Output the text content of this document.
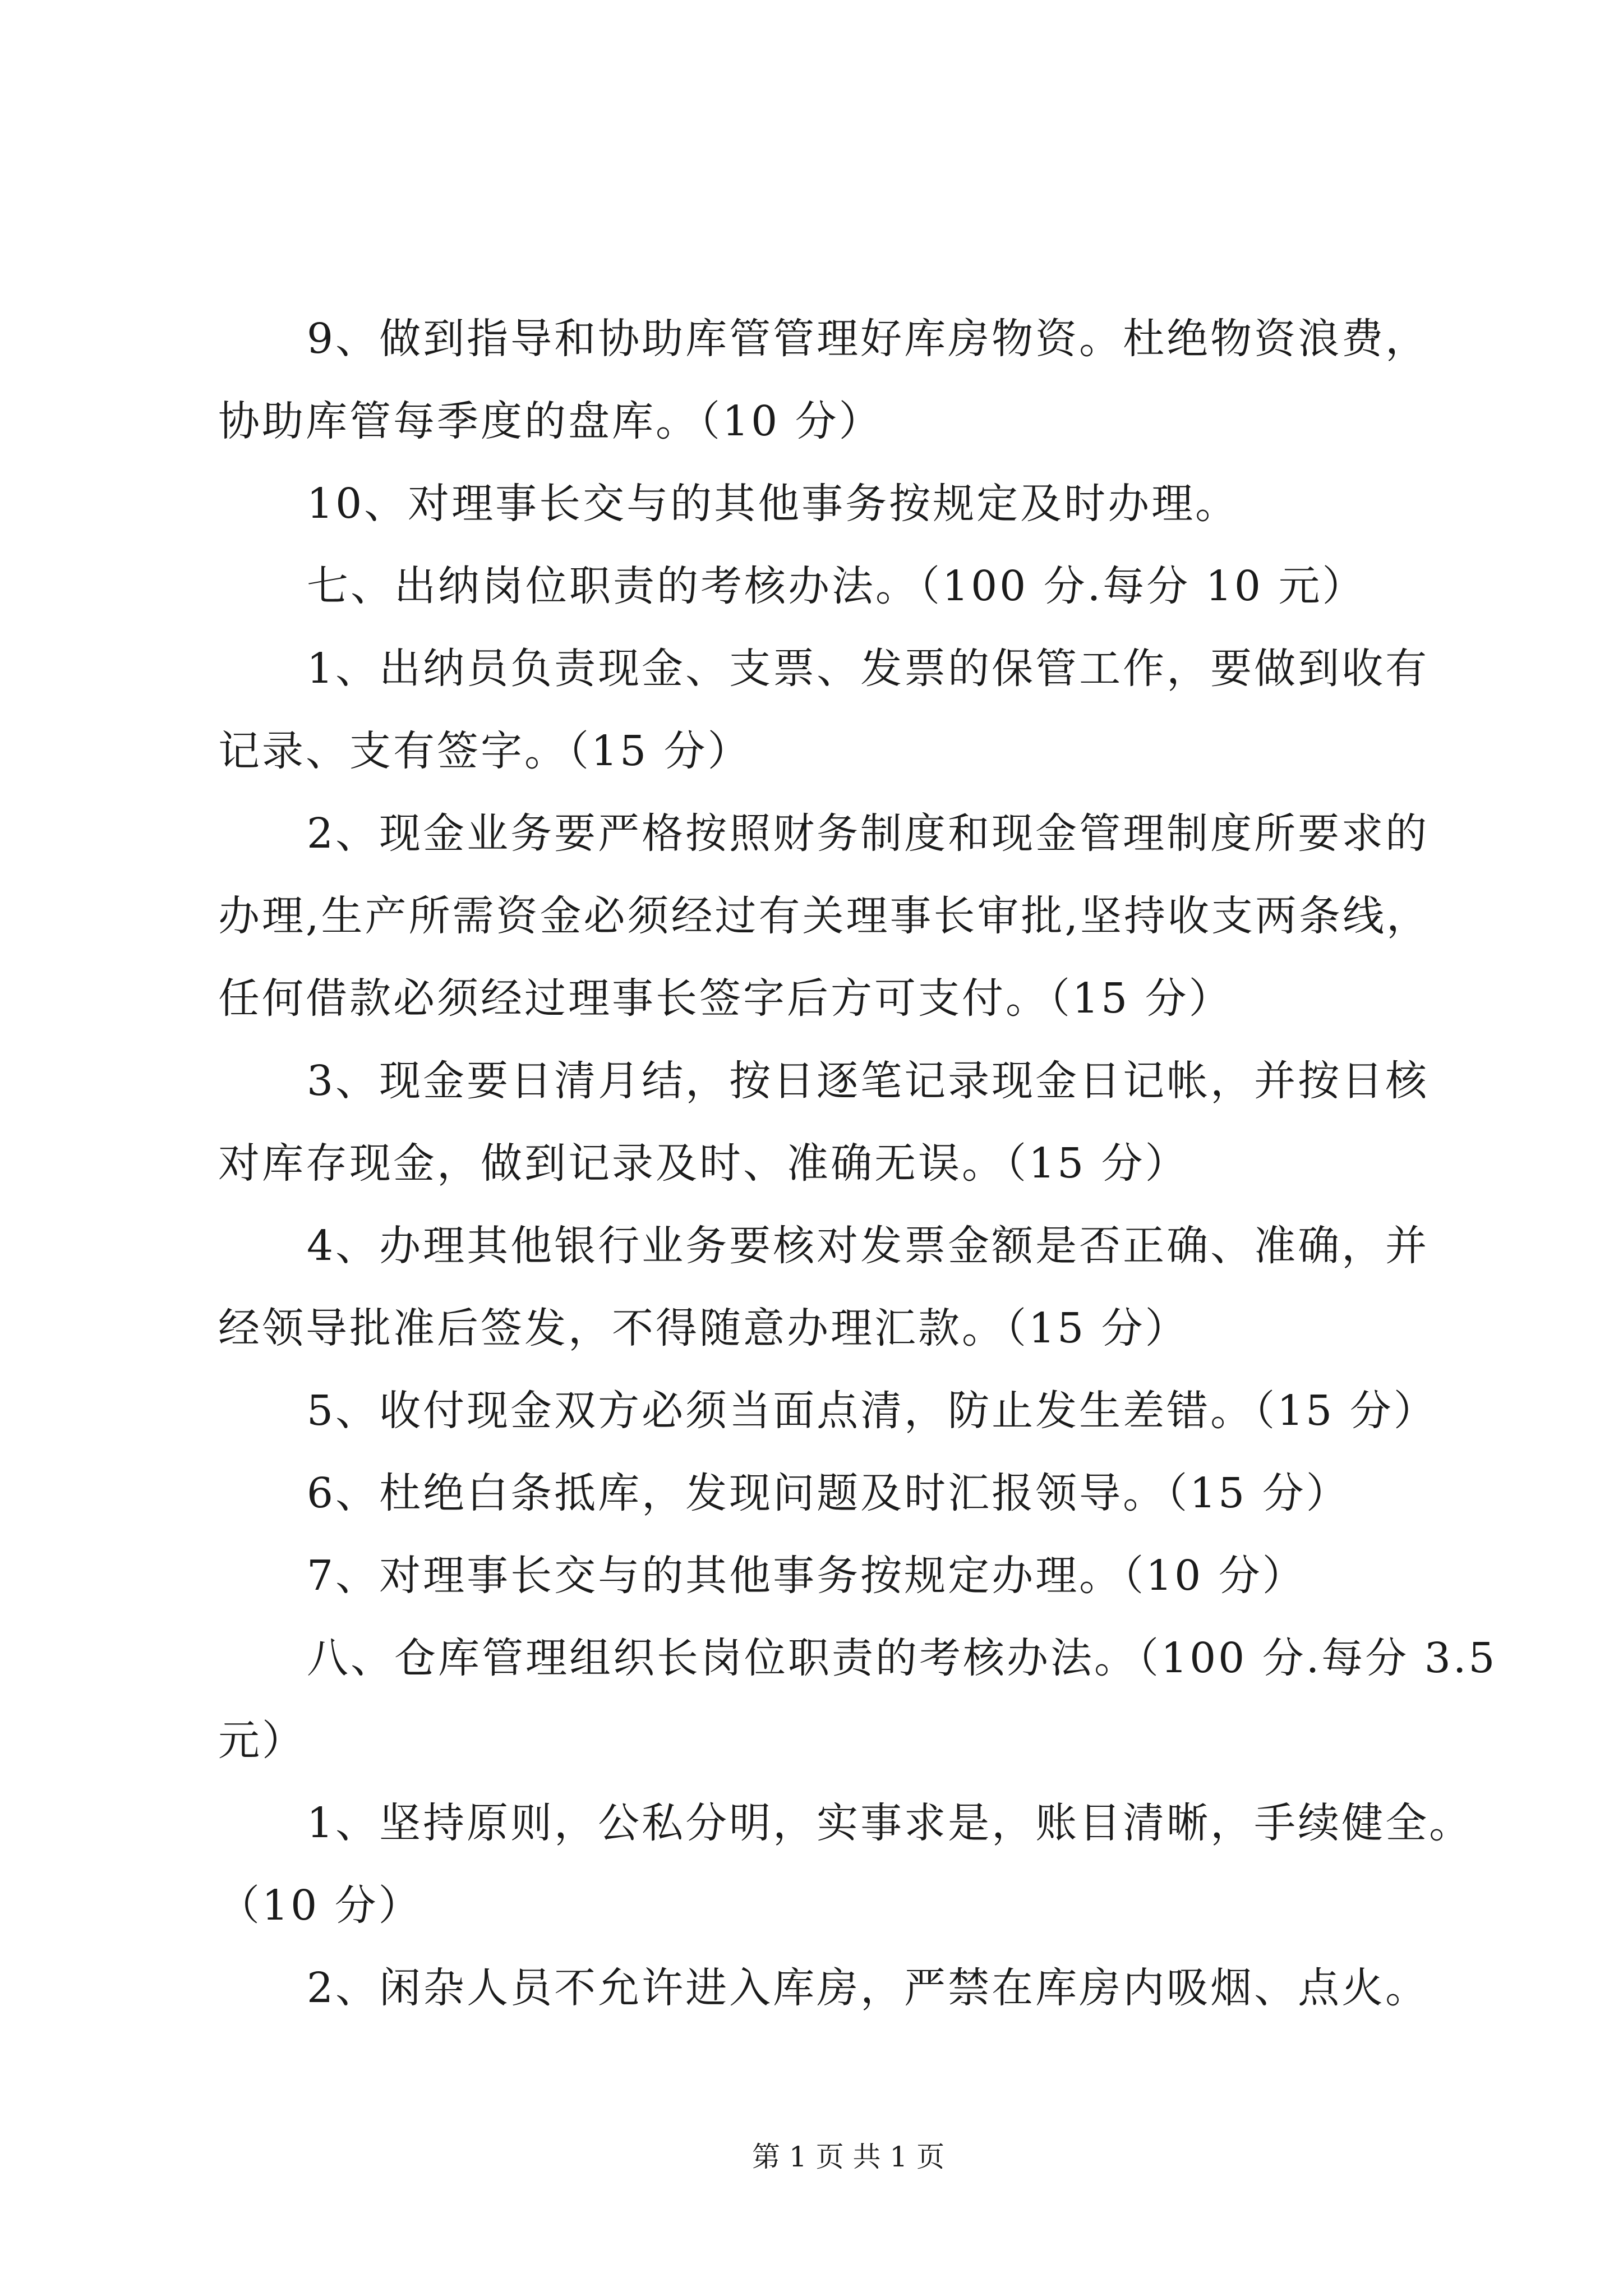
9、做到指导和协助库管管理好库房物资。杜绝物资浪费，
协助库管每季度的盘库。（10 分）
10、对理事长交与的其他事务按规定及时办理。
七、出纳岗位职责的考核办法。（100 分.每分 10 元）
1、出纳员负责现金、支票、发票的保管工作，要做到收有
记录、支有签字。（15 分）
2、现金业务要严格按照财务制度和现金管理制度所要求的
办理,生产所需资金必须经过有关理事长审批,坚持收支两条线，
任何借款必须经过理事长签字后方可支付。（15 分）
3、现金要日清月结，按日逐笔记录现金日记帐，并按日核
对库存现金，做到记录及时、准确无误。（15 分）
4、办理其他银行业务要核对发票金额是否正确、准确，并
经领导批准后签发，不得随意办理汇款。（15 分）
5、收付现金双方必须当面点清，防止发生差错。（15 分）
6、杜绝白条抵库，发现问题及时汇报领导。（15 分）
7、对理事长交与的其他事务按规定办理。（10 分）
八、仓库管理组织长岗位职责的考核办法。（100 分.每分 3.5
元）
1、坚持原则，公私分明，实事求是，账目清晰，手续健全。
（10 分）
2、闲杂人员不允许进入库房，严禁在库房内吸烟、点火。
第 1 页 共 1 页
